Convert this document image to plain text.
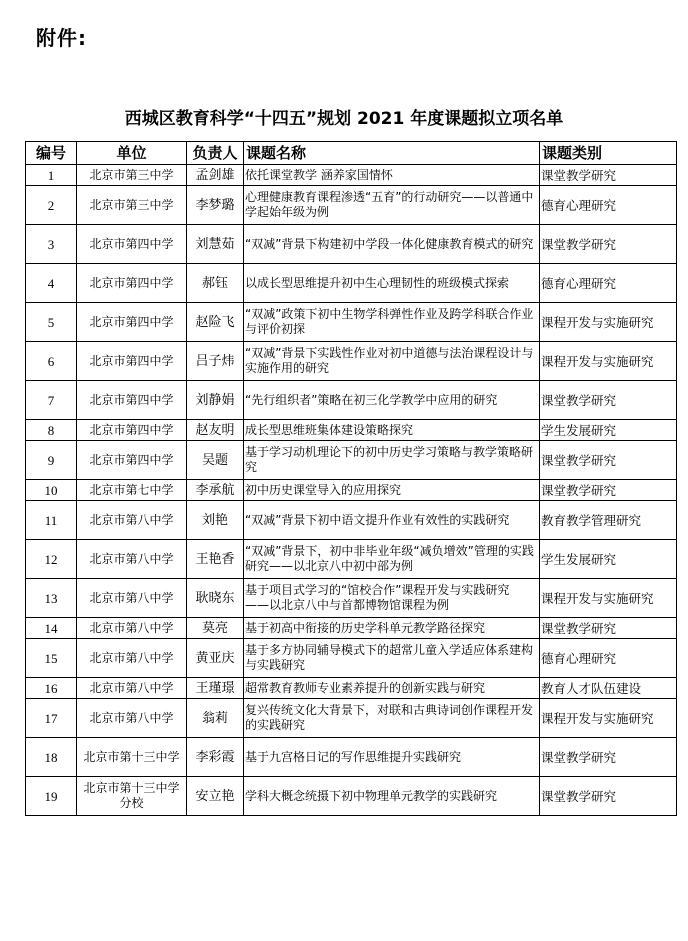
附件:
西城区教育科学“十四五”规划 2021 年度课题拟立项名单
编号	单位	负责人	课题名称	课题类别
1	北京市第三中学	孟剑雄	依托课堂教学 涵养家国情怀	课堂教学研究
2	北京市第三中学	李梦璐	心理健康教育课程渗透“五育”的行动研究——以普通中学起始年级为例	德育心理研究
3	北京市第四中学	刘慧茹	“双减”背景下构建初中学段一体化健康教育模式的研究	课堂教学研究
4	北京市第四中学	郝钰	以成长型思维提升初中生心理韧性的班级模式探索	德育心理研究
5	北京市第四中学	赵险飞	“双减”政策下初中生物学科弹性作业及跨学科联合作业与评价初探	课程开发与实施研究
6	北京市第四中学	吕子炜	“双减”背景下实践性作业对初中道德与法治课程设计与实施作用的研究	课程开发与实施研究
7	北京市第四中学	刘静娟	“先行组织者”策略在初三化学教学中应用的研究	课堂教学研究
8	北京市第四中学	赵友明	成长型思维班集体建设策略探究	学生发展研究
9	北京市第四中学	吴题	基于学习动机理论下的初中历史学习策略与教学策略研究	课堂教学研究
10	北京市第七中学	李承航	初中历史课堂导入的应用探究	课堂教学研究
11	北京市第八中学	刘艳	“双减”背景下初中语文提升作业有效性的实践研究	教育教学管理研究
12	北京市第八中学	王艳香	“双减”背景下，初中非毕业年级“减负增效”管理的实践研究——以北京八中初中部为例	学生发展研究
13	北京市第八中学	耿晓东	基于项目式学习的“馆校合作”课程开发与实践研究 ——以北京八中与首都博物馆课程为例	课程开发与实施研究
14	北京市第八中学	莫亮	基于初高中衔接的历史学科单元教学路径探究	课堂教学研究
15	北京市第八中学	黄亚庆	基于多方协同辅导模式下的超常儿童入学适应体系建构与实践研究	德育心理研究
16	北京市第八中学	王瑾璟	超常教育教师专业素养提升的创新实践与研究	教育人才队伍建设
17	北京市第八中学	翁莉	复兴传统文化大背景下，对联和古典诗词创作课程开发的实践研究	课程开发与实施研究
18	北京市第十三中学	李彩霞	基于九宫格日记的写作思维提升实践研究	课堂教学研究
19	北京市第十三中学分校	安立艳	学科大概念统摄下初中物理单元教学的实践研究	课堂教学研究
